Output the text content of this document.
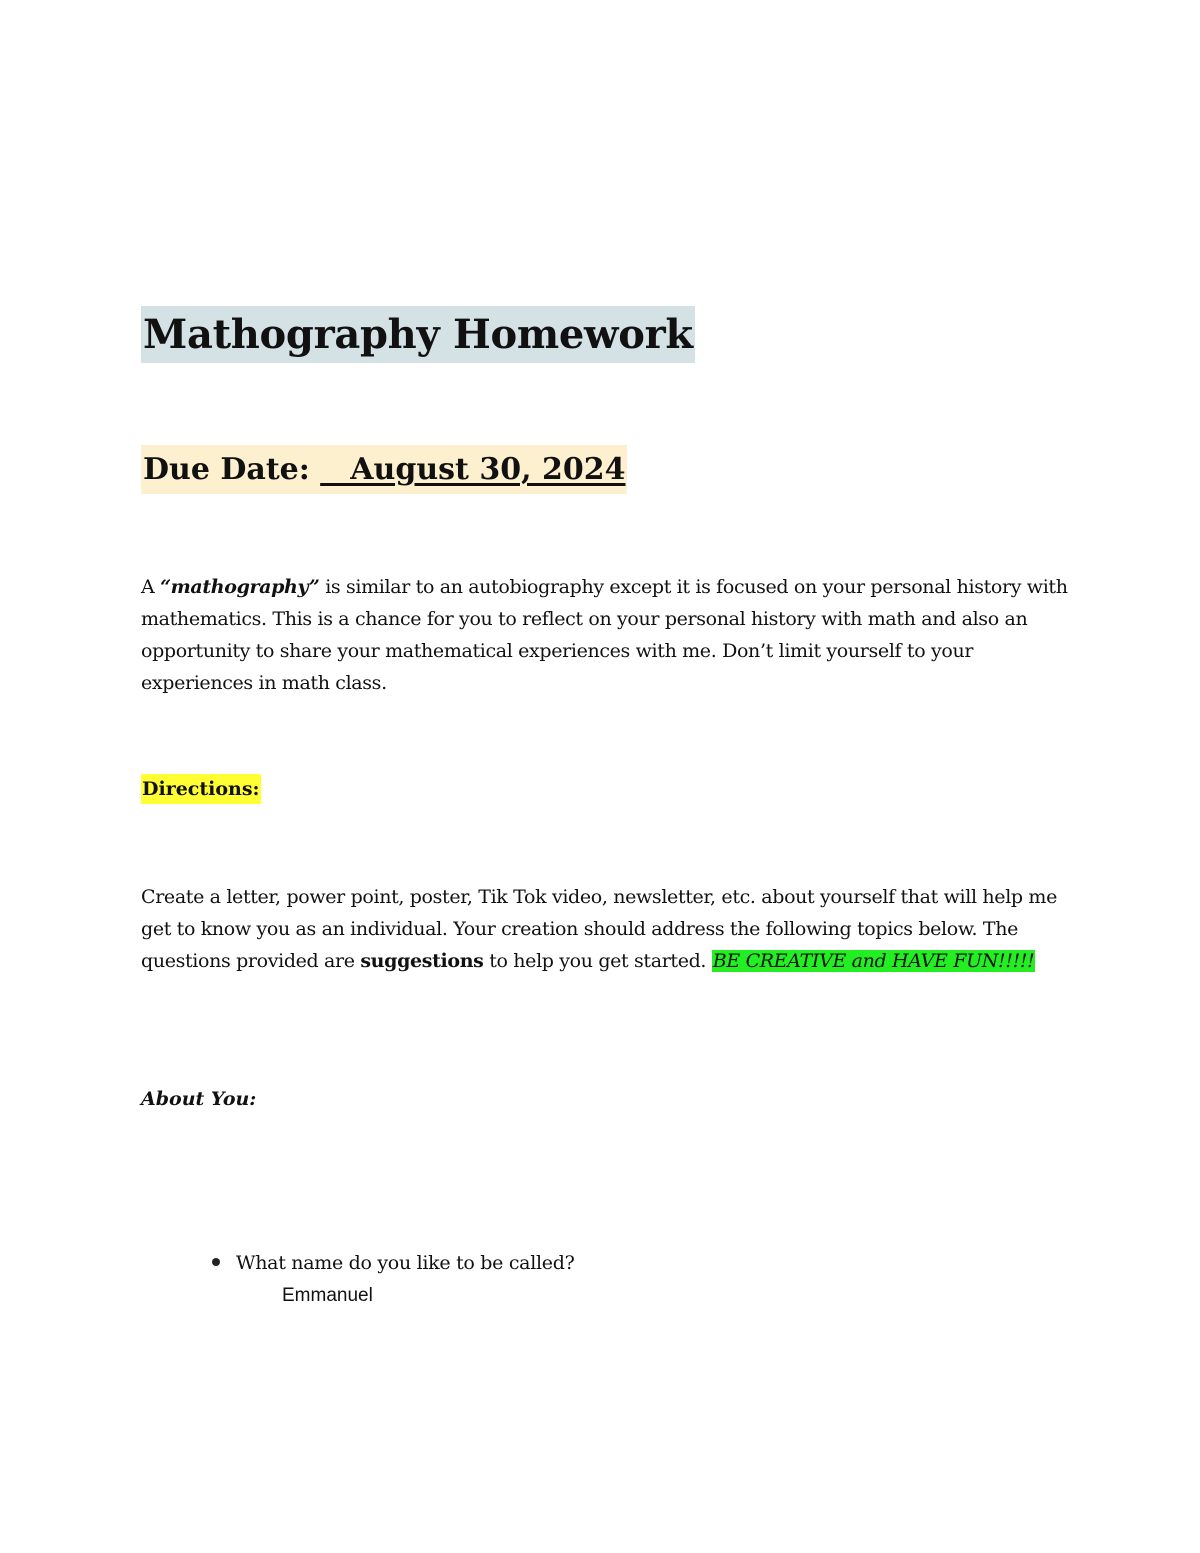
Mathography Homework
Due Date: __August 30, 2024
A “mathography” is similar to an autobiography except it is focused on your personal history with mathematics. This is a chance for you to reflect on your personal history with math and also an opportunity to share your mathematical experiences with me. Don’t limit yourself to your experiences in math class.
Directions:
Create a letter, power point, poster, Tik Tok video, newsletter, etc. about yourself that will help me get to know you as an individual. Your creation should address the following topics below. The questions provided are suggestions to help you get started. BE CREATIVE and HAVE FUN!!!!!
About You:
What name do you like to be called?
Emmanuel
